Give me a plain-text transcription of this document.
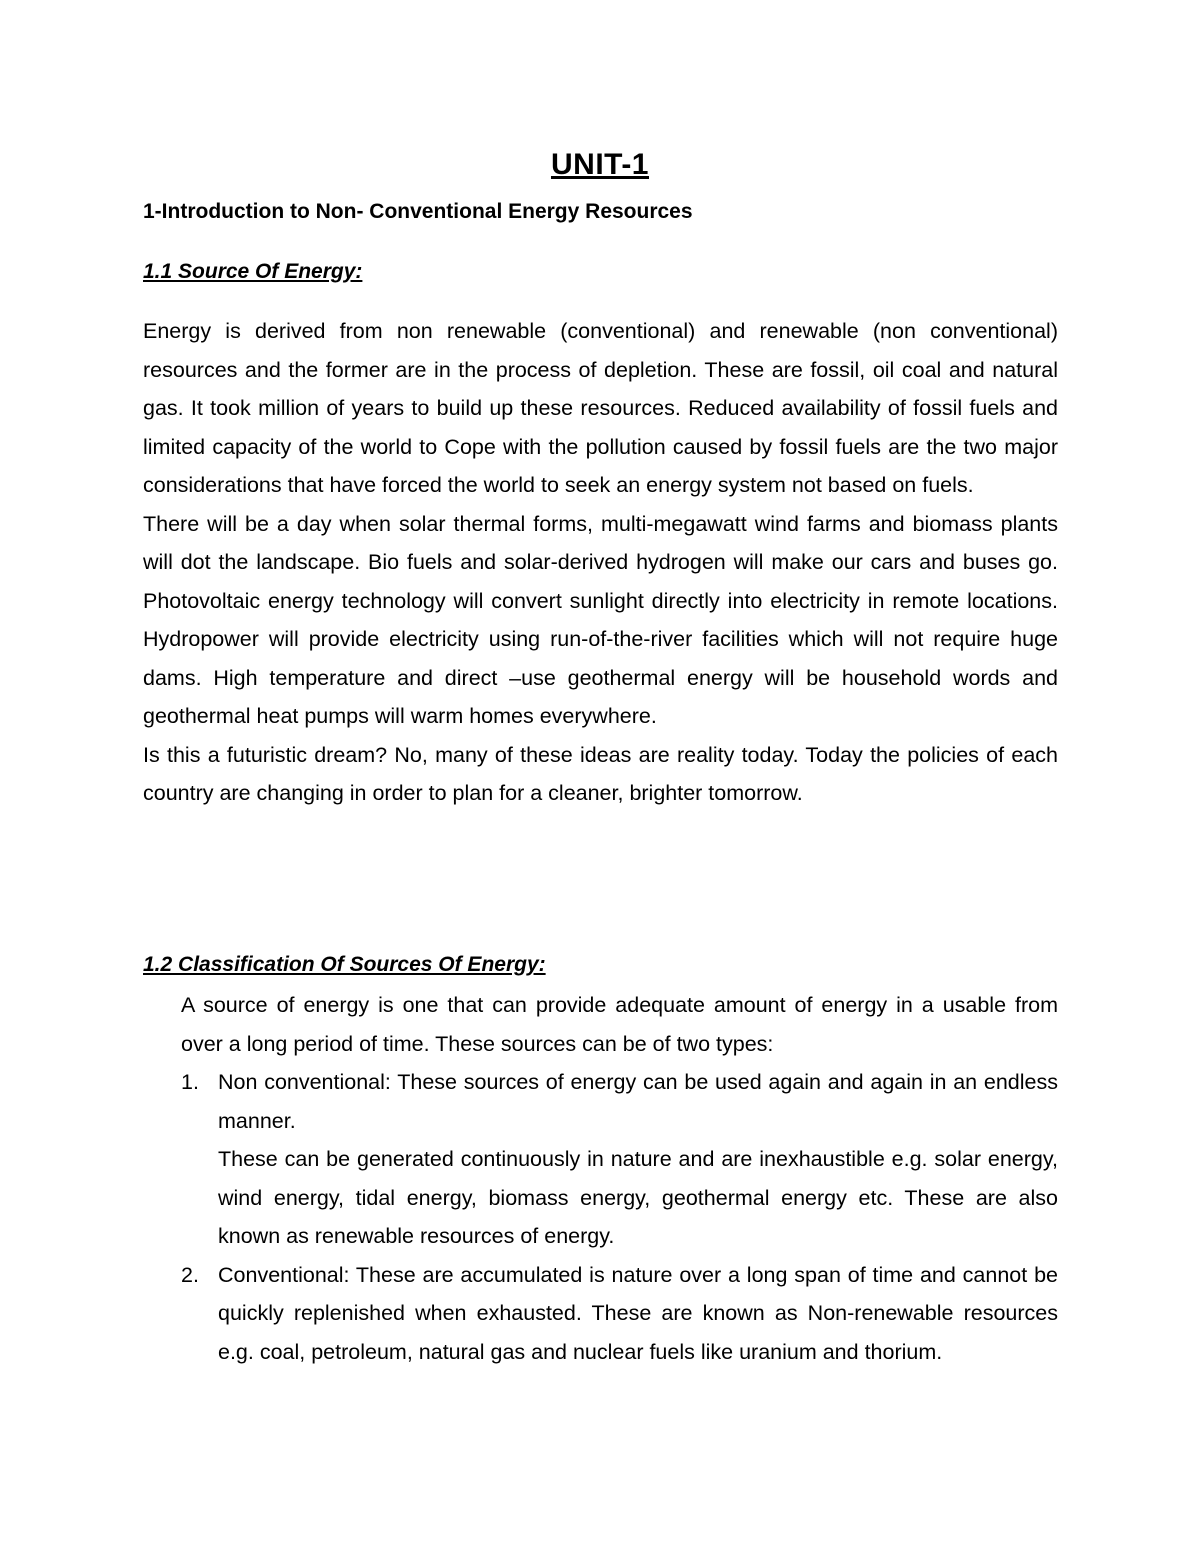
UNIT-1
1-Introduction to Non- Conventional Energy Resources
1.1 Source Of Energy:

Energy is derived from non renewable (conventional) and renewable (non conventional) resources and the former are in the process of depletion. These are fossil, oil coal and natural gas. It took million of years to build up these resources. Reduced availability of fossil fuels and limited capacity of the world to Cope with the pollution caused by fossil fuels are the two major considerations that have forced the world to seek an energy system not based on fuels.

There will be a day when solar thermal forms, multi-megawatt wind farms and biomass plants will dot the landscape. Bio fuels and solar-derived hydrogen will make our cars and buses go. Photovoltaic energy technology will convert sunlight directly into electricity in remote locations. Hydropower will provide electricity using run-of-the-river facilities which will not require huge dams. High temperature and direct –use geothermal energy will be household words and geothermal heat pumps will warm homes everywhere.

Is this a futuristic dream? No, many of these ideas are reality today. Today the policies of each country are changing in order to plan for a cleaner, brighter tomorrow.

1.2 Classification Of Sources Of Energy:

A source of energy is one that can provide adequate amount of energy in a usable from over a long period of time. These sources can be of two types:

1. Non conventional: These sources of energy can be used again and again in an endless manner.

These can be generated continuously in nature and are inexhaustible e.g. solar energy, wind energy, tidal energy, biomass energy, geothermal energy etc. These are also known as renewable resources of energy.

2. Conventional: These are accumulated is nature over a long span of time and cannot be quickly replenished when exhausted. These are known as Non-renewable resources e.g. coal, petroleum, natural gas and nuclear fuels like uranium and thorium.
